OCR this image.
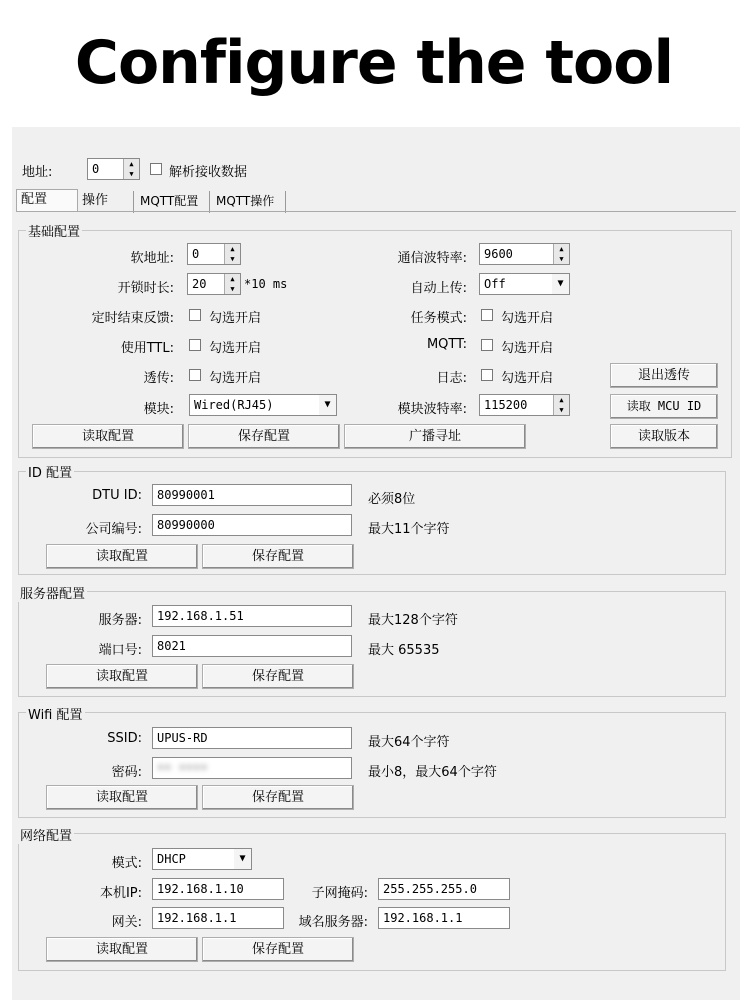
Configure the tool
地址:	0	▲
▼	解析接收数据
配置	操作	MQTT配置	MQTT操作
基础配置
软地址:	0	▲
▼
开锁时长:	20	▲
▼ *10 ms
定时结束反馈:	勾选开启
使用TTL:	勾选开启
透传:	勾选开启
模块:	Wired(RJ45)	▼
通信波特率:	9600	▲
▼
自动上传:	Off	▼
任务模式:	勾选开启
MQTT:	勾选开启
日志:	勾选开启
模块波特率:	115200	▲
▼
退出透传
读取 MCU ID
读取版本
读取配置	保存配置	广播寻址
ID 配置
DTU ID:	80990001	必须8位
公司编号:	80990000	最大11个字符
读取配置	保存配置
服务器配置
服务器:	192.168.1.51	最大128个字符
端口号:	8021	最大 65535
读取配置	保存配置
Wifi 配置
SSID:	UPUS-RD	最大64个字符
密码:	•• ••••	最小8，最大64个字符
读取配置	保存配置
网络配置
模式:	DHCP	▼
本机IP:	192.168.1.10	子网掩码:	255.255.255.0
网关:	192.168.1.1	域名服务器:	192.168.1.1
读取配置	保存配置
